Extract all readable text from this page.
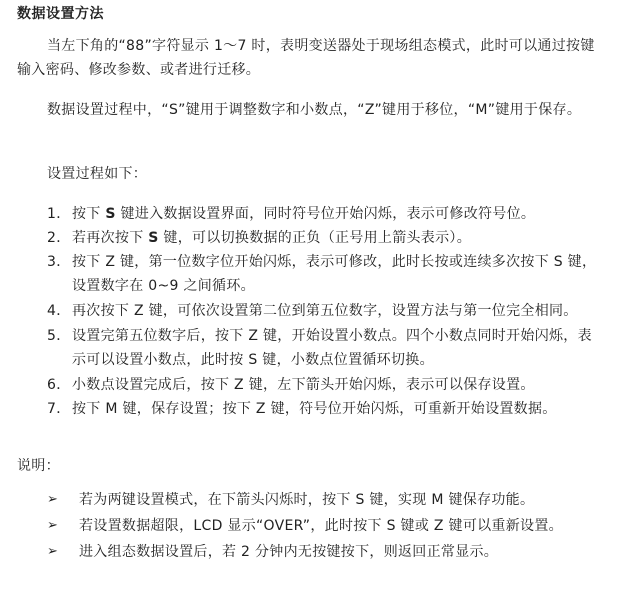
数据设置方法
当左下角的“88”字符显示 1～7 时，表明变送器处于现场组态模式，此时可以通过按键输入密码、修改参数、或者进行迁移。
数据设置过程中，“S”键用于调整数字和小数点，“Z”键用于移位，“M”键用于保存。
设置过程如下：
1． 按下 S 键进入数据设置界面，同时符号位开始闪烁，表示可修改符号位。
2． 若再次按下 S 键，可以切换数据的正负（正号用上箭头表示）。
3． 按下 Z 键，第一位数字位开始闪烁，表示可修改，此时长按或连续多次按下 S 键，设置数字在 0~9 之间循环。
4． 再次按下 Z 键，可依次设置第二位到第五位数字，设置方法与第一位完全相同。
5． 设置完第五位数字后，按下 Z 键，开始设置小数点。四个小数点同时开始闪烁，表示可以设置小数点，此时按 S 键，小数点位置循环切换。
6． 小数点设置完成后，按下 Z 键，左下箭头开始闪烁，表示可以保存设置。
7． 按下 M 键，保存设置；按下 Z 键，符号位开始闪烁，可重新开始设置数据。
说明：
➢ 若为两键设置模式，在下箭头闪烁时，按下 S 键，实现 M 键保存功能。
➢ 若设置数据超限，LCD 显示“OVER”，此时按下 S 键或 Z 键可以重新设置。
➢ 进入组态数据设置后，若 2 分钟内无按键按下，则返回正常显示。
